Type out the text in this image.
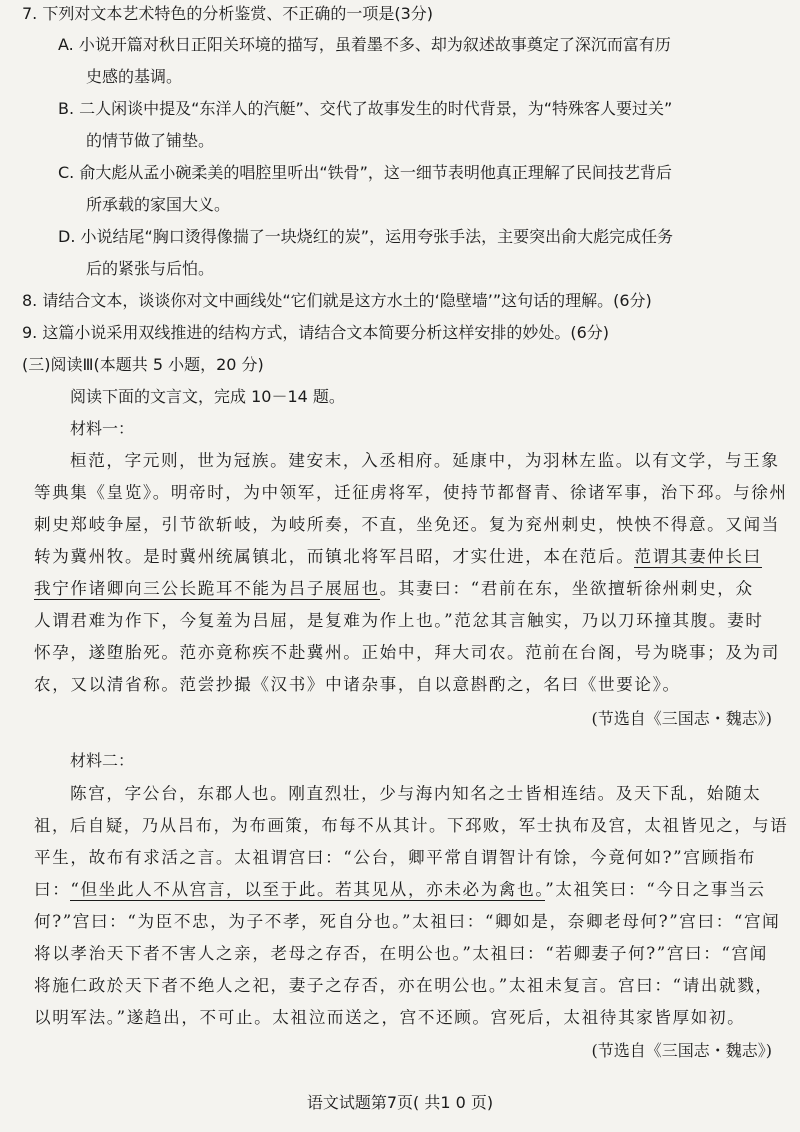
7. 下列对文本艺术特色的分析鉴赏、不正确的一项是(3分)
A. 小说开篇对秋日正阳关环境的描写，虽着墨不多、却为叙述故事奠定了深沉而富有历
史感的基调。
B. 二人闲谈中提及“东洋人的汽艇”、交代了故事发生的时代背景，为“特殊客人要过关”
的情节做了铺垫。
C. 俞大彪从孟小碗柔美的唱腔里听出“铁骨”，这一细节表明他真正理解了民间技艺背后
所承载的家国大义。
D. 小说结尾“胸口烫得像揣了一块烧红的炭”，运用夸张手法，主要突出俞大彪完成任务
后的紧张与后怕。
8. 请结合文本，谈谈你对文中画线处“它们就是这方水土的‘隐壁墙’”这句话的理解。(6分)
9. 这篇小说采用双线推进的结构方式，请结合文本简要分析这样安排的妙处。(6分)
(三)阅读Ⅲ(本题共 5 小题，20 分)
阅读下面的文言文，完成 10－14 题。
材料一：
桓范，字元则，世为冠族。建安末，入丞相府。延康中，为羽林左监。以有文学，与王象
等典集《皇览》。明帝时，为中领军，迁征虏将军，使持节都督青、徐诸军事，治下邳。与徐州
刺史郑岐争屋，引节欲斩岐，为岐所奏，不直，坐免还。复为兖州刺史，怏怏不得意。又闻当
转为冀州牧。是时冀州统属镇北，而镇北将军吕昭，才实仕进，本在范后。范谓其妻仲长曰
我宁作诸卿向三公长跪耳不能为吕子展屈也。其妻曰：“君前在东，坐欲擅斩徐州刺史，众
人谓君难为作下，今复羞为吕屈，是复难为作上也。”范忿其言触实，乃以刀环撞其腹。妻时
怀孕，遂堕胎死。范亦竟称疾不赴冀州。正始中，拜大司农。范前在台阁，号为晓事；及为司
农，又以清省称。范尝抄撮《汉书》中诸杂事，自以意斟酌之，名曰《世要论》。
(节选自《三国志・魏志》)
材料二：
陈宫，字公台，东郡人也。刚直烈壮，少与海内知名之士皆相连结。及天下乱，始随太
祖，后自疑，乃从吕布，为布画策，布每不从其计。下邳败，军士执布及宫，太祖皆见之，与语
平生，故布有求活之言。太祖谓宫曰：“公台，卿平常自谓智计有馀，今竟何如?”宫顾指布
曰：“但坐此人不从宫言，以至于此。若其见从，亦未必为禽也。”太祖笑曰：“今日之事当云
何?”宫曰：“为臣不忠，为子不孝，死自分也。”太祖曰：“卿如是，奈卿老母何?”宫曰：“宫闻
将以孝治天下者不害人之亲，老母之存否，在明公也。”太祖曰：“若卿妻子何?”宫曰：“宫闻
将施仁政於天下者不绝人之祀，妻子之存否，亦在明公也。”太祖未复言。宫曰：“请出就戮，
以明军法。”遂趋出，不可止。太祖泣而送之，宫不还顾。宫死后，太祖待其家皆厚如初。
(节选自《三国志・魏志》)
语文试题第7页( 共1 0 页)
